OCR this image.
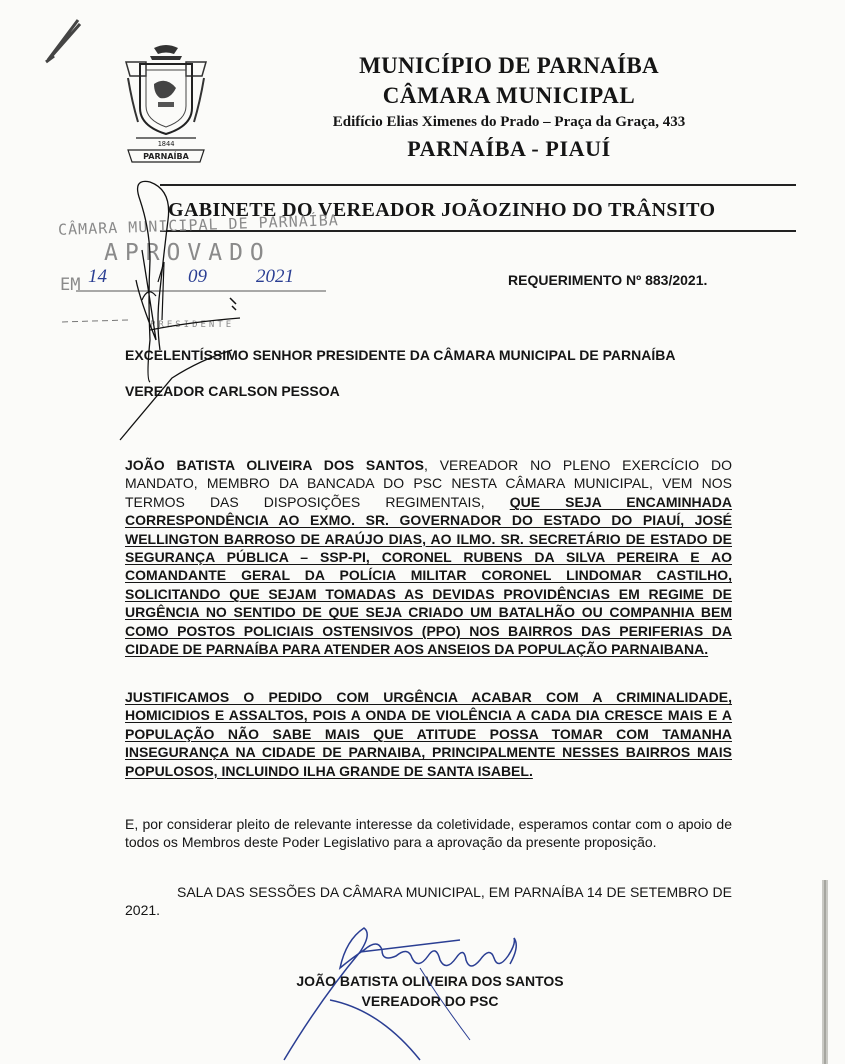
1844
PARNAÍBA
MUNICÍPIO DE PARNAÍBA
CÂMARA MUNICIPAL
Edifício Elias Ximenes do Prado – Praça da Graça, 433
PARNAÍBA - PIAUÍ
GABINETE DO VEREADOR JOÃOZINHO DO TRÂNSITO
CÂMARA MUNICIPAL DE PARNAÍBA
APROVADO
EM 14	09	2021
PRESIDENTE
REQUERIMENTO Nº 883/2021.
EXCELENTÍSSIMO SENHOR PRESIDENTE DA CÂMARA MUNICIPAL DE PARNAÍBA
VEREADOR CARLSON PESSOA
JOÃO BATISTA OLIVEIRA DOS SANTOS, VEREADOR NO PLENO EXERCÍCIO DO MANDATO, MEMBRO DA BANCADA DO PSC NESTA CÂMARA MUNICIPAL, VEM NOS TERMOS DAS DISPOSIÇÕES REGIMENTAIS, QUE SEJA ENCAMINHADA CORRESPONDÊNCIA AO EXMO. SR. GOVERNADOR DO ESTADO DO PIAUÍ, JOSÉ WELLINGTON BARROSO DE ARAÚJO DIAS, AO ILMO. SR. SECRETÁRIO DE ESTADO DE SEGURANÇA PÚBLICA – SSP-PI, CORONEL RUBENS DA SILVA PEREIRA E AO COMANDANTE GERAL DA POLÍCIA MILITAR CORONEL LINDOMAR CASTILHO, SOLICITANDO QUE SEJAM TOMADAS AS DEVIDAS PROVIDÊNCIAS EM REGIME DE URGÊNCIA NO SENTIDO DE QUE SEJA CRIADO UM BATALHÃO OU COMPANHIA BEM COMO POSTOS POLICIAIS OSTENSIVOS (PPO) NOS BAIRROS DAS PERIFERIAS DA CIDADE DE PARNAÍBA PARA ATENDER AOS ANSEIOS DA POPULAÇÃO PARNAIBANA.
JUSTIFICAMOS O PEDIDO COM URGÊNCIA ACABAR COM A CRIMINALIDADE, HOMICIDIOS E ASSALTOS, POIS A ONDA DE VIOLÊNCIA A CADA DIA CRESCE MAIS E A POPULAÇÃO NÃO SABE MAIS QUE ATITUDE POSSA TOMAR COM TAMANHA INSEGURANÇA NA CIDADE DE PARNAIBA, PRINCIPALMENTE NESSES BAIRROS MAIS POPULOSOS, INCLUINDO ILHA GRANDE DE SANTA ISABEL.
E, por considerar pleito de relevante interesse da coletividade, esperamos contar com o apoio de todos os Membros deste Poder Legislativo para a aprovação da presente proposição.
SALA DAS SESSÕES DA CÂMARA MUNICIPAL, EM PARNAÍBA 14 DE SETEMBRO DE 2021.
JOÃO BATISTA OLIVEIRA DOS SANTOS
VEREADOR DO PSC
